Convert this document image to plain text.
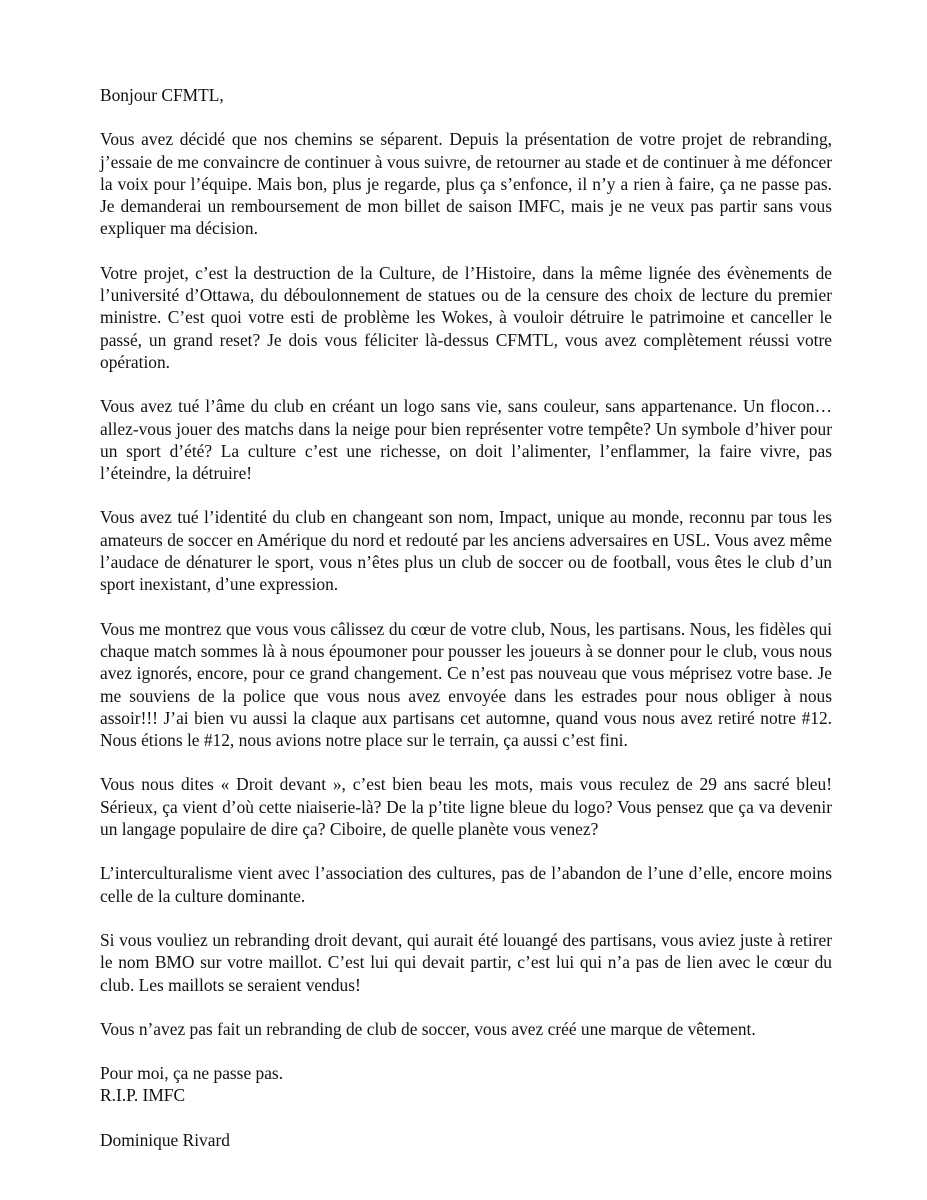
Bonjour CFMTL,

Vous avez décidé que nos chemins se séparent. Depuis la présentation de votre projet de rebranding, j’essaie de me convaincre de continuer à vous suivre, de retourner au stade et de continuer à me défoncer la voix pour l’équipe. Mais bon, plus je regarde, plus ça s’enfonce, il n’y a rien à faire, ça ne passe pas. Je demanderai un remboursement de mon billet de saison IMFC, mais je ne veux pas partir sans vous expliquer ma décision.

Votre projet, c’est la destruction de la Culture, de l’Histoire, dans la même lignée des évènements de l’université d’Ottawa, du déboulonnement de statues ou de la censure des choix de lecture du premier ministre. C’est quoi votre esti de problème les Wokes, à vouloir détruire le patrimoine et canceller le passé, un grand reset? Je dois vous féliciter là-dessus CFMTL, vous avez complètement réussi votre opération.

Vous avez tué l’âme du club en créant un logo sans vie, sans couleur, sans appartenance. Un flocon… allez-vous jouer des matchs dans la neige pour bien représenter votre tempête? Un symbole d’hiver pour un sport d’été? La culture c’est une richesse, on doit l’alimenter, l’enflammer, la faire vivre, pas l’éteindre, la détruire!

Vous avez tué l’identité du club en changeant son nom, Impact, unique au monde, reconnu par tous les amateurs de soccer en Amérique du nord et redouté par les anciens adversaires en USL. Vous avez même l’audace de dénaturer le sport, vous n’êtes plus un club de soccer ou de football, vous êtes le club d’un sport inexistant, d’une expression.

Vous me montrez que vous vous câlissez du cœur de votre club, Nous, les partisans. Nous, les fidèles qui chaque match sommes là à nous époumoner pour pousser les joueurs à se donner pour le club, vous nous avez ignorés, encore, pour ce grand changement. Ce n’est pas nouveau que vous méprisez votre base. Je me souviens de la police que vous nous avez envoyée dans les estrades pour nous obliger à nous assoir!!! J’ai bien vu aussi la claque aux partisans cet automne, quand vous nous avez retiré notre #12. Nous étions le #12, nous avions notre place sur le terrain, ça aussi c’est fini.

Vous nous dites « Droit devant », c’est bien beau les mots, mais vous reculez de 29 ans sacré bleu! Sérieux, ça vient d’où cette niaiserie-là? De la p’tite ligne bleue du logo? Vous pensez que ça va devenir un langage populaire de dire ça? Ciboire, de quelle planète vous venez?

L’interculturalisme vient avec l’association des cultures, pas de l’abandon de l’une d’elle, encore moins celle de la culture dominante.

Si vous vouliez un rebranding droit devant, qui aurait été louangé des partisans, vous aviez juste à retirer le nom BMO sur votre maillot. C’est lui qui devait partir, c’est lui qui n’a pas de lien avec le cœur du club. Les maillots se seraient vendus!

Vous n’avez pas fait un rebranding de club de soccer, vous avez créé une marque de vêtement.

Pour moi, ça ne passe pas.
R.I.P. IMFC

Dominique Rivard
